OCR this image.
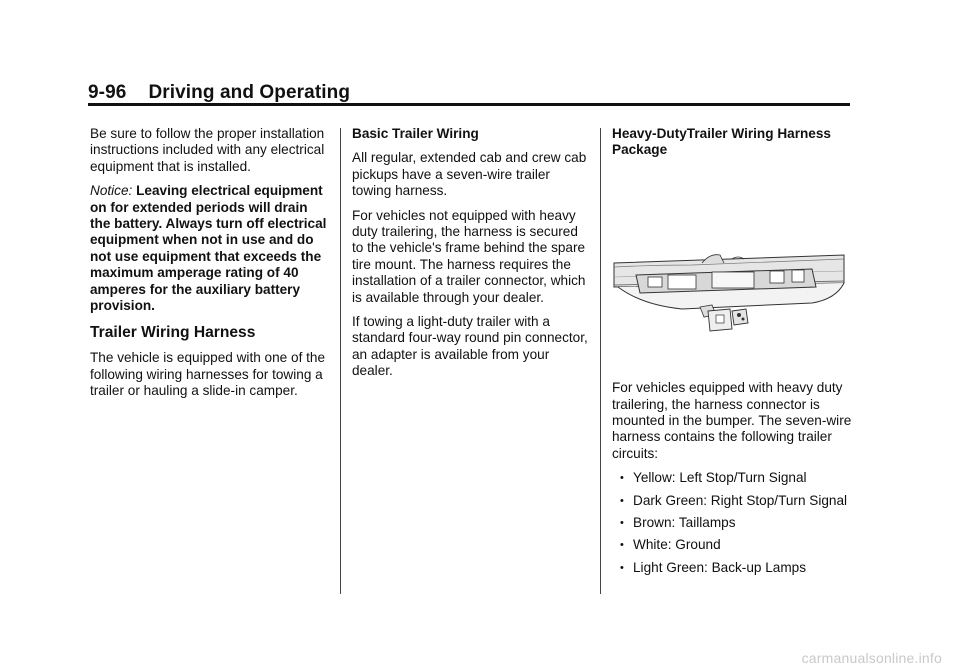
9-96 Driving and Operating

Be sure to follow the proper installation instructions included with any electrical equipment that is installed.

Notice: Leaving electrical equipment on for extended periods will drain the battery. Always turn off electrical equipment when not in use and do not use equipment that exceeds the maximum amperage rating of 40 amperes for the auxiliary battery provision.

Trailer Wiring Harness

The vehicle is equipped with one of the following wiring harnesses for towing a trailer or hauling a slide-in camper.

Basic Trailer Wiring

All regular, extended cab and crew cab pickups have a seven-wire trailer towing harness.

For vehicles not equipped with heavy duty trailering, the harness is secured to the vehicle's frame behind the spare tire mount. The harness requires the installation of a trailer connector, which is available through your dealer.

If towing a light-duty trailer with a standard four-way round pin connector, an adapter is available from your dealer.

Heavy-DutyTrailer Wiring Harness Package

For vehicles equipped with heavy duty trailering, the harness connector is mounted in the bumper. The seven-wire harness contains the following trailer circuits:

• Yellow: Left Stop/Turn Signal
• Dark Green: Right Stop/Turn Signal
• Brown: Taillamps
• White: Ground
• Light Green: Back-up Lamps
carmanualsonline.info
